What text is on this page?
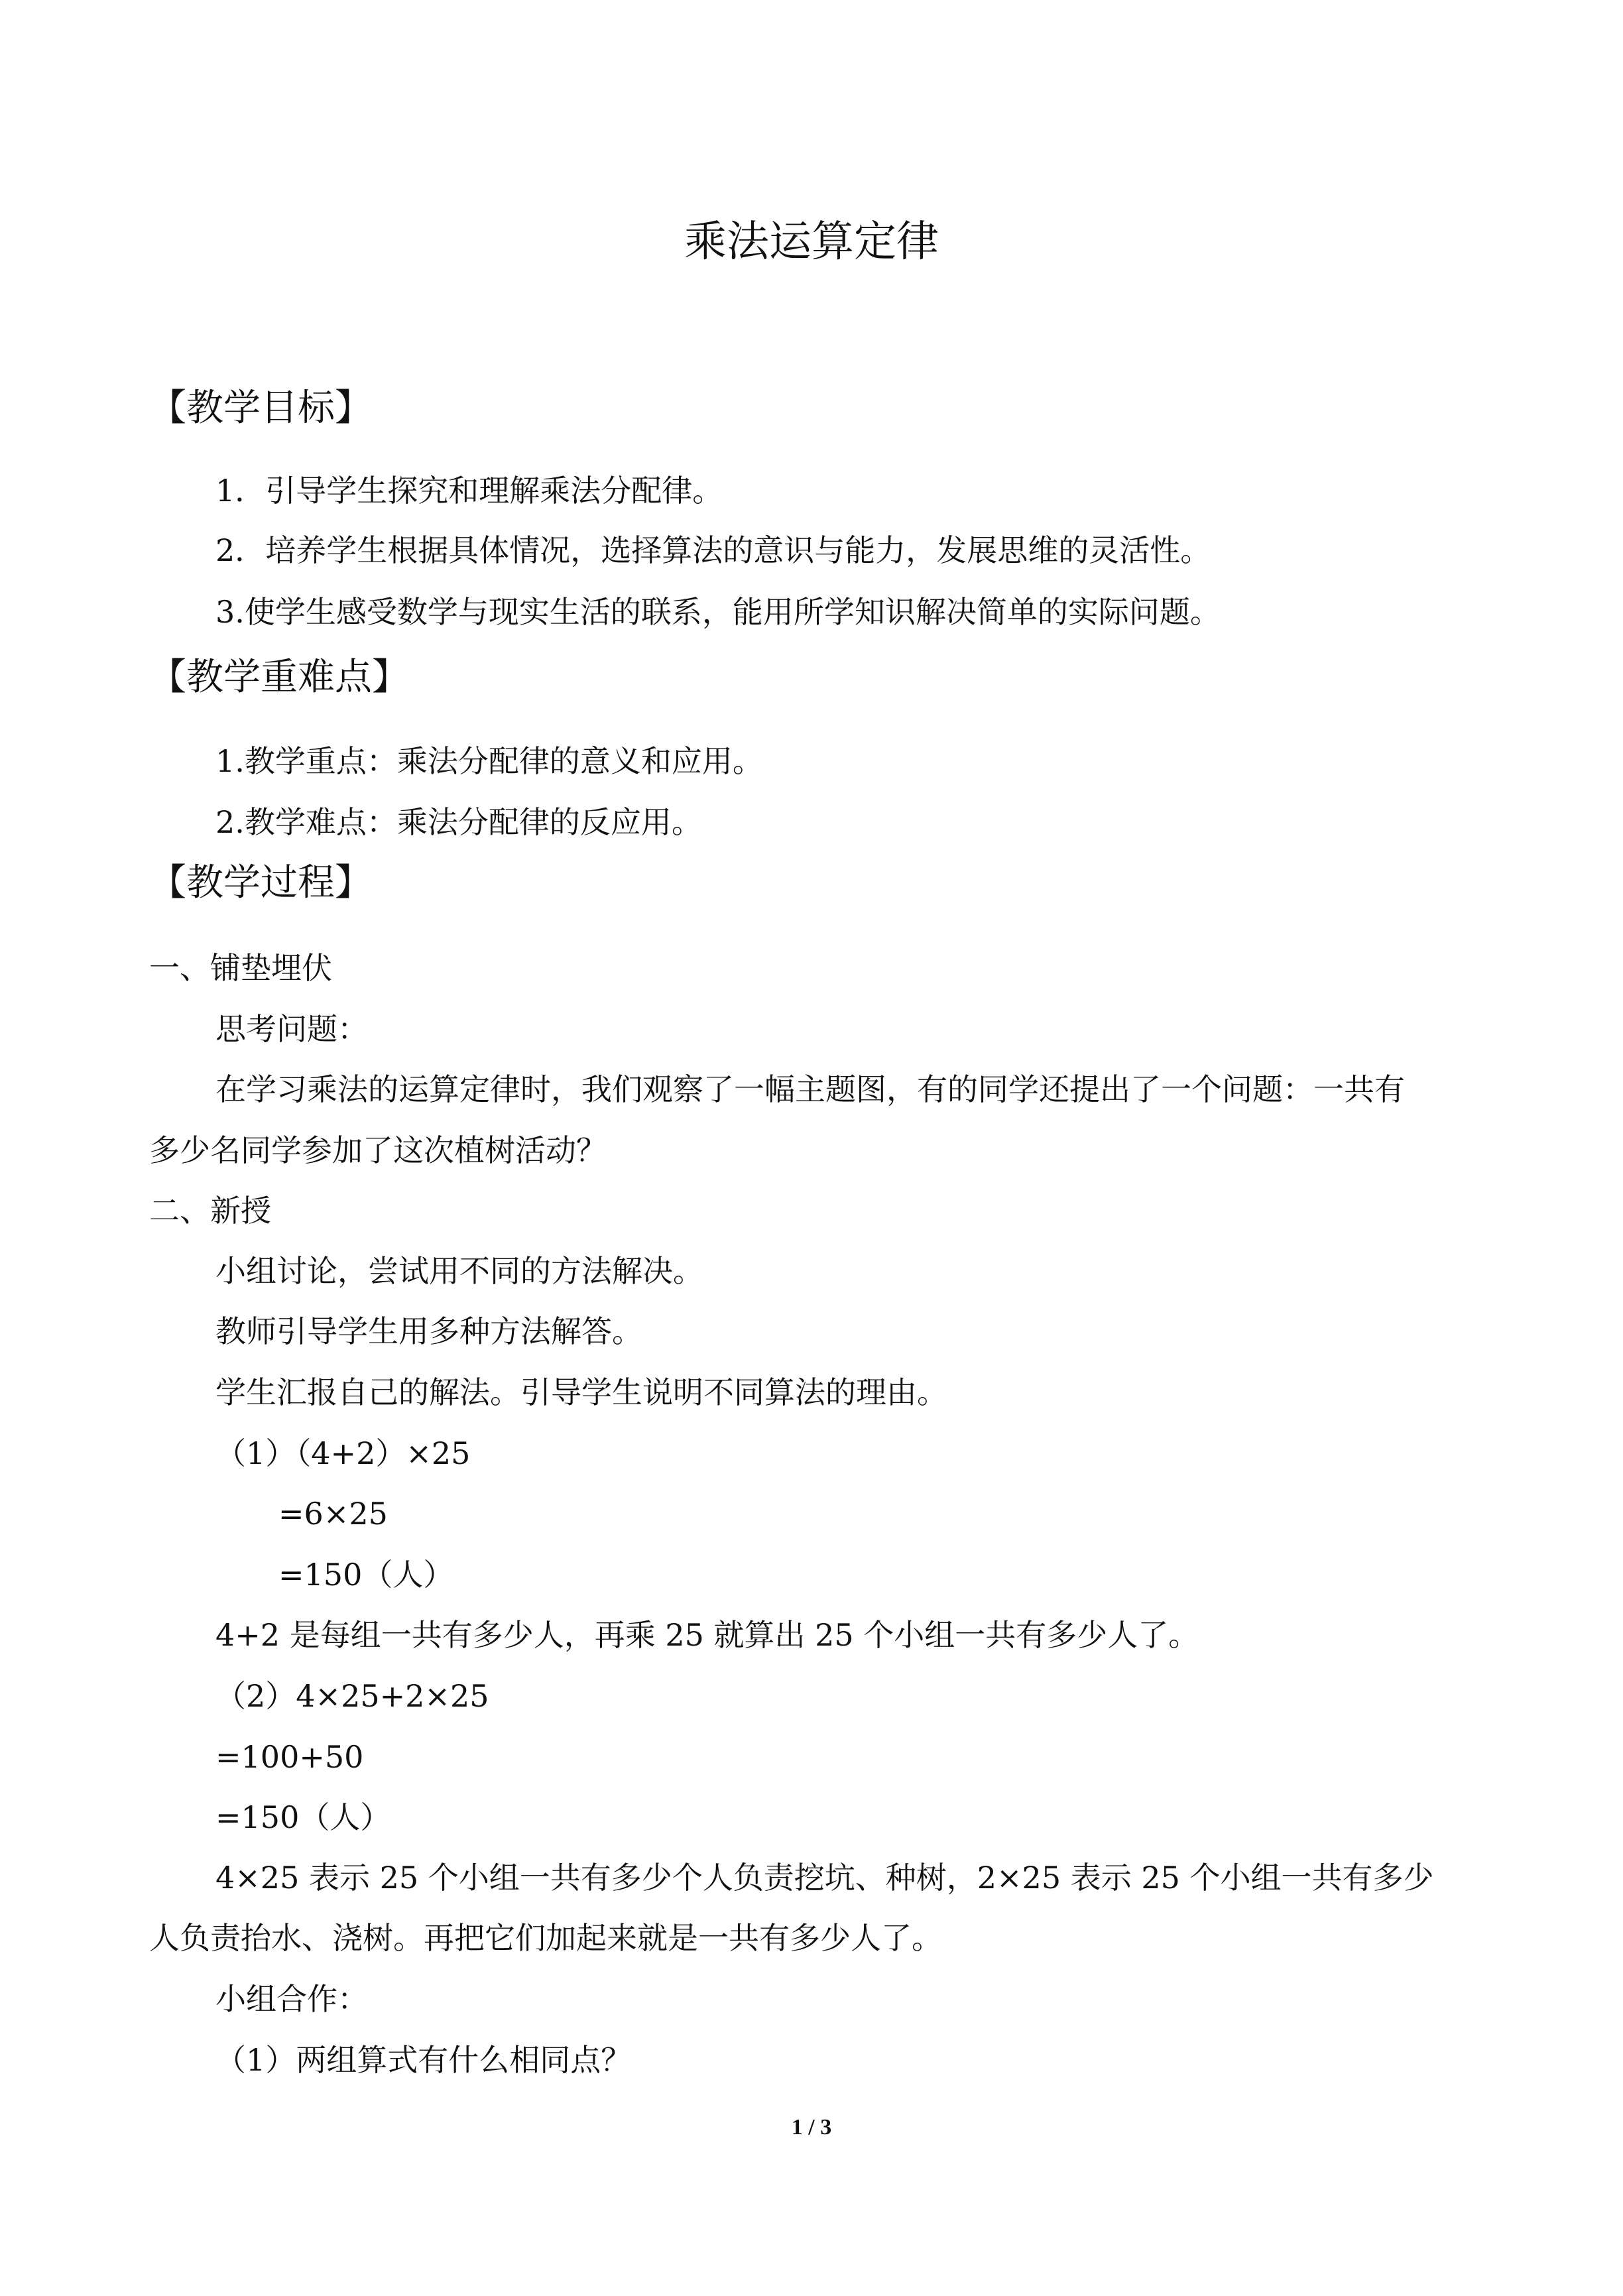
乘法运算定律
【教学目标】
1．引导学生探究和理解乘法分配律。
2．培养学生根据具体情况，选择算法的意识与能力，发展思维的灵活性。
3.使学生感受数学与现实生活的联系，能用所学知识解决简单的实际问题。
【教学重难点】
1.教学重点：乘法分配律的意义和应用。
2.教学难点：乘法分配律的反应用。
【教学过程】
一、铺垫埋伏
思考问题：
在学习乘法的运算定律时，我们观察了一幅主题图，有的同学还提出了一个问题：一共有
多少名同学参加了这次植树活动？
二、新授
小组讨论，尝试用不同的方法解决。
教师引导学生用多种方法解答。
学生汇报自己的解法。引导学生说明不同算法的理由。
（1）（4+2）×25
=6×25
=150（人）
4+2 是每组一共有多少人，再乘 25 就算出 25 个小组一共有多少人了。
（2）4×25+2×25
=100+50
=150（人）
4×25 表示 25 个小组一共有多少个人负责挖坑、种树，2×25 表示 25 个小组一共有多少
人负责抬水、浇树。再把它们加起来就是一共有多少人了。
小组合作：
（1）两组算式有什么相同点？
1 / 3
